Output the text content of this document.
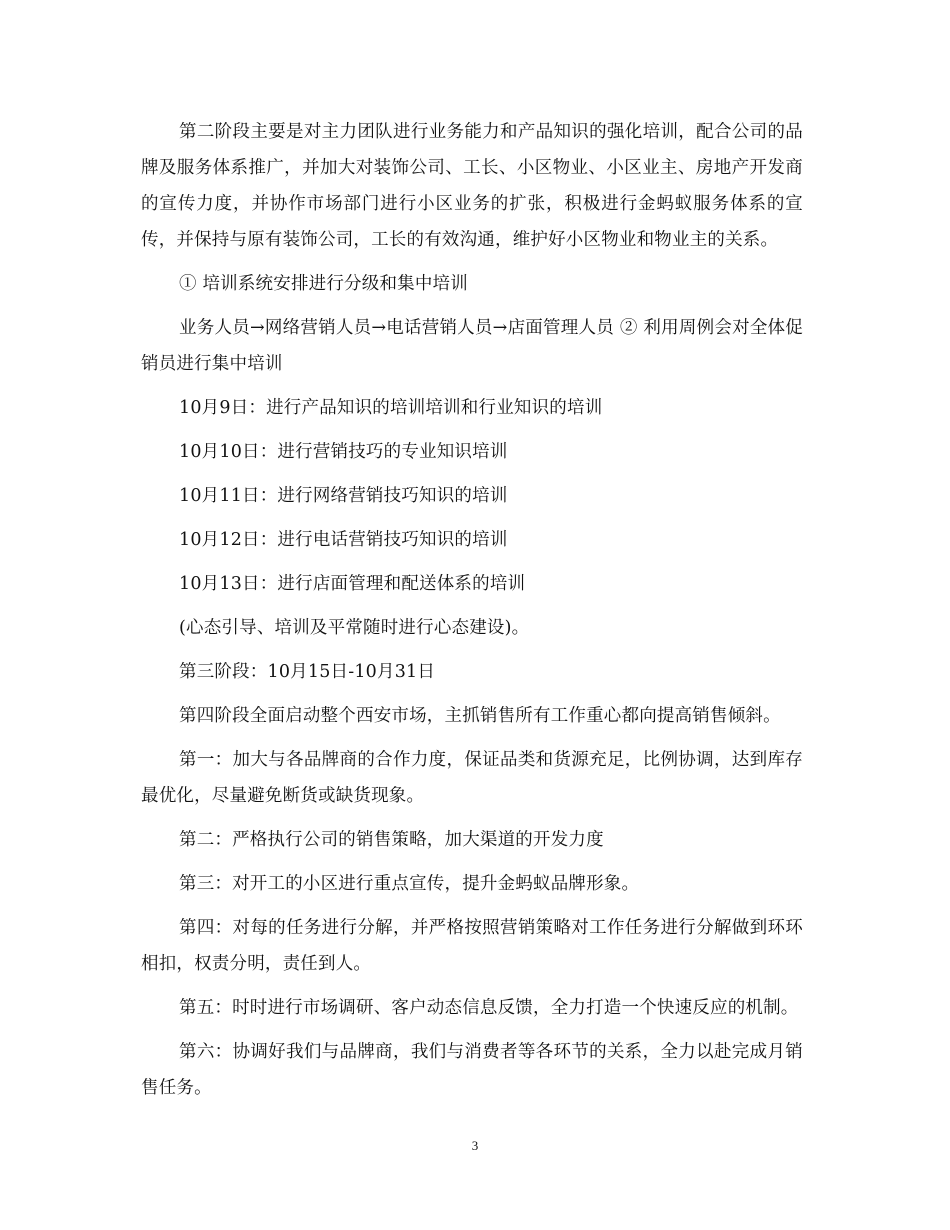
第二阶段主要是对主力团队进行业务能力和产品知识的强化培训，配合公司的品牌及服务体系推广，并加大对装饰公司、工长、小区物业、小区业主、房地产开发商的宣传力度，并协作市场部门进行小区业务的扩张，积极进行金蚂蚁服务体系的宣传，并保持与原有装饰公司，工长的有效沟通，维护好小区物业和物业主的关系。

① 培训系统安排进行分级和集中培训

业务人员→网络营销人员→电话营销人员→店面管理人员 ② 利用周例会对全体促销员进行集中培训

10月9日：进行产品知识的培训培训和行业知识的培训

10月10日：进行营销技巧的专业知识培训

10月11日：进行网络营销技巧知识的培训

10月12日：进行电话营销技巧知识的培训

10月13日：进行店面管理和配送体系的培训

(心态引导、培训及平常随时进行心态建设)。

第三阶段：10月15日-10月31日

第四阶段全面启动整个西安市场，主抓销售所有工作重心都向提高销售倾斜。

第一：加大与各品牌商的合作力度，保证品类和货源充足，比例协调，达到库存最优化，尽量避免断货或缺货现象。

第二：严格执行公司的销售策略，加大渠道的开发力度

第三：对开工的小区进行重点宣传，提升金蚂蚁品牌形象。

第四：对每的任务进行分解，并严格按照营销策略对工作任务进行分解做到环环相扣，权责分明，责任到人。

第五：时时进行市场调研、客户动态信息反馈，全力打造一个快速反应的机制。

第六：协调好我们与品牌商，我们与消费者等各环节的关系，全力以赴完成月销售任务。

3
